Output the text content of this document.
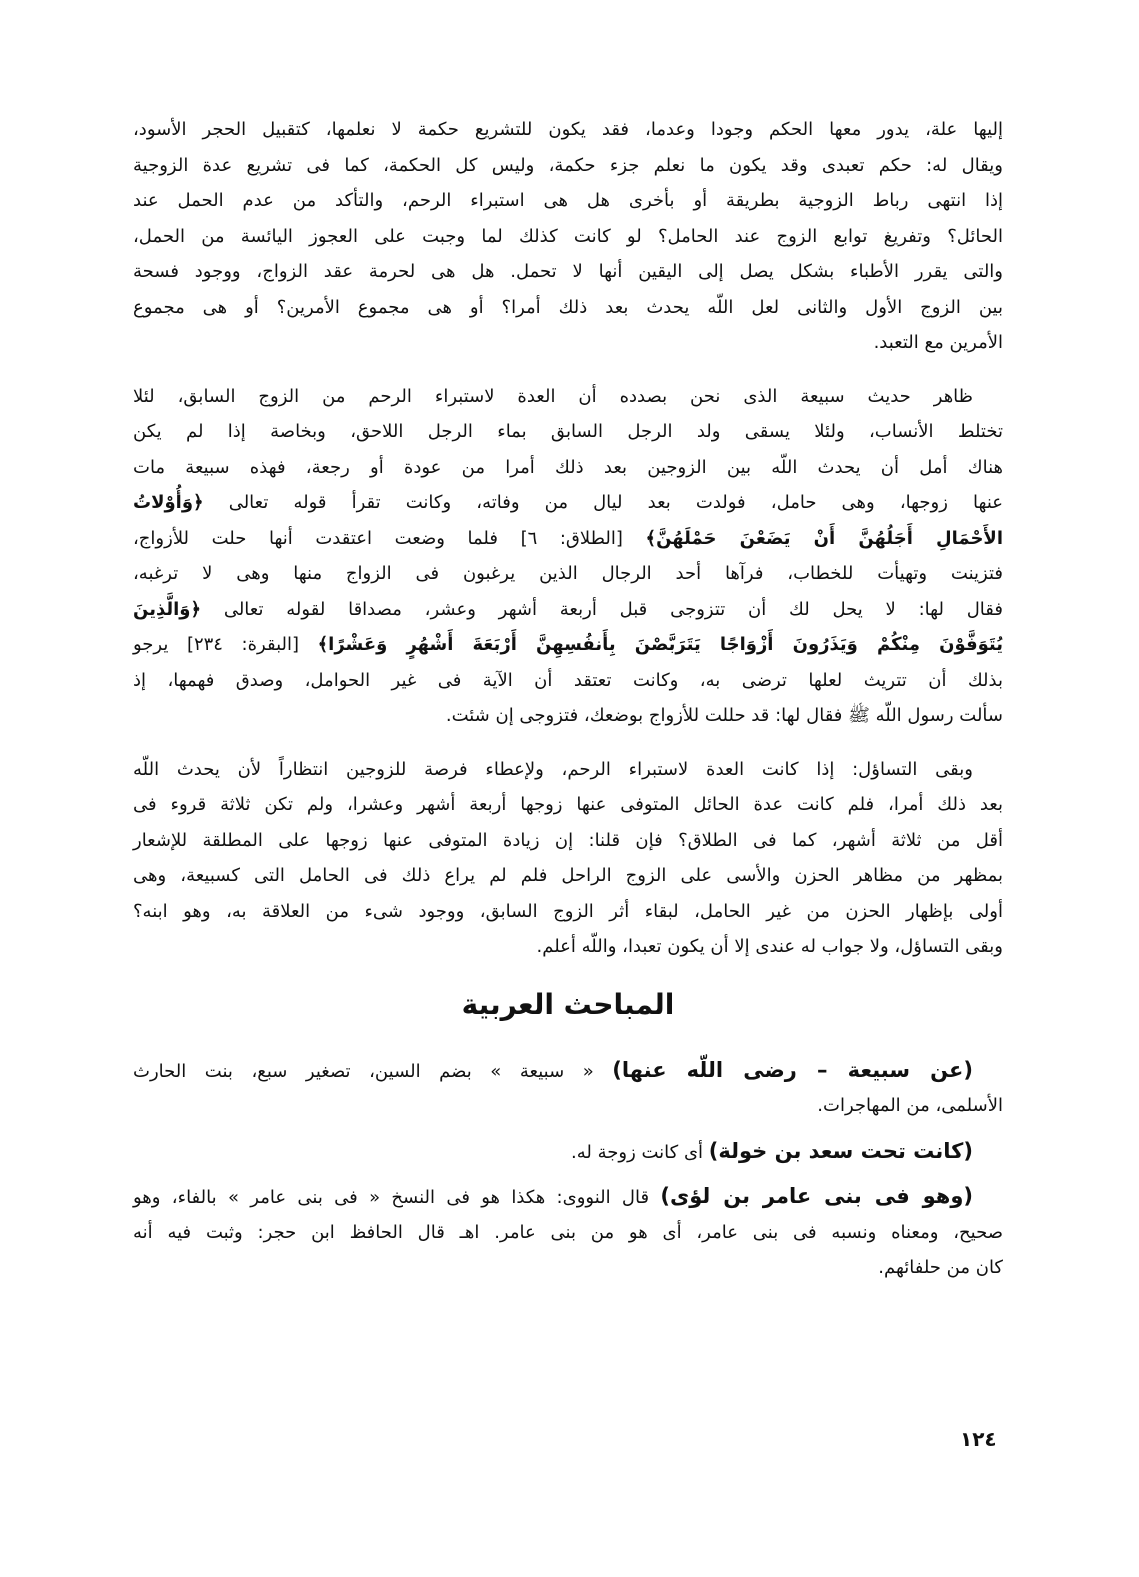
إليها علة، يدور معها الحكم وجودا وعدما، فقد يكون للتشريع حكمة لا نعلمها، كتقبيل الحجر الأسود،
ويقال له: حكم تعبدى وقد يكون ما نعلم جزء حكمة، وليس كل الحكمة، كما فى تشريع عدة الزوجية
إذا انتهى رباط الزوجية بطريقة أو بأخرى هل هى استبراء الرحم، والتأكد من عدم الحمل عند
الحائل؟ وتفريغ توابع الزوج عند الحامل؟ لو كانت كذلك لما وجبت على العجوز اليائسة من الحمل،
والتى يقرر الأطباء بشكل يصل إلى اليقين أنها لا تحمل. هل هى لحرمة عقد الزواج، ووجود فسحة
بين الزوج الأول والثانى لعل اللّه يحدث بعد ذلك أمرا؟ أو هى مجموع الأمرين؟ أو هى مجموع
الأمرين مع التعبد.
ظاهر حديث سبيعة الذى نحن بصدده أن العدة لاستبراء الرحم من الزوج السابق، لئلا
تختلط الأنساب، ولئلا يسقى ولد الرجل السابق بماء الرجل اللاحق، وبخاصة إذا لم يكن
هناك أمل أن يحدث اللّه بين الزوجين بعد ذلك أمرا من عودة أو رجعة، فهذه سبيعة مات
عنها زوجها، وهى حامل، فولدت بعد ليال من وفاته، وكانت تقرأ قوله تعالى ﴿وَأُوْلاتُ
الأَحْمَالِ أَجَلُهُنَّ أَنْ يَضَعْنَ حَمْلَهُنَّ﴾ [الطلاق: ٦] فلما وضعت اعتقدت أنها حلت للأزواج،
فتزينت وتهيأت للخطاب، فرآها أحد الرجال الذين يرغبون فى الزواج منها وهى لا ترغبه،
فقال لها: لا يحل لك أن تتزوجى قبل أربعة أشهر وعشر، مصداقا لقوله تعالى ﴿وَالَّذِينَ
يُتَوَفَّوْنَ مِنْكُمْ وَيَذَرُونَ أَزْوَاجًا يَتَرَبَّصْنَ بِأَنفُسِهِنَّ أَرْبَعَةَ أَشْهُرٍ وَعَشْرًا﴾ [البقرة: ٢٣٤] يرجو
بذلك أن تتريث لعلها ترضى به، وكانت تعتقد أن الآية فى غير الحوامل، وصدق فهمها، إذ
سألت رسول اللّه ﷺ فقال لها: قد حللت للأزواج بوضعك، فتزوجى إن شئت.
وبقى التساؤل: إذا كانت العدة لاستبراء الرحم، ولإعطاء فرصة للزوجين انتظاراً لأن يحدث اللّه
بعد ذلك أمرا، فلم كانت عدة الحائل المتوفى عنها زوجها أربعة أشهر وعشرا، ولم تكن ثلاثة قروء فى
أقل من ثلاثة أشهر، كما فى الطلاق؟ فإن قلنا: إن زيادة المتوفى عنها زوجها على المطلقة للإشعار
بمظهر من مظاهر الحزن والأسى على الزوج الراحل فلم لم يراع ذلك فى الحامل التى كسبيعة، وهى
أولى بإظهار الحزن من غير الحامل، لبقاء أثر الزوج السابق، ووجود شىء من العلاقة به، وهو ابنه؟
وبقى التساؤل، ولا جواب له عندى إلا أن يكون تعبدا، واللّه أعلم.
المباحث العربية
(عن سبيعة – رضى اللّه عنها) « سبيعة » بضم السين، تصغير سبع، بنت الحارث
الأسلمى، من المهاجرات.
(كانت تحت سعد بن خولة) أى كانت زوجة له.
(وهو فى بنى عامر بن لؤى) قال النووى: هكذا هو فى النسخ « فى بنى عامر » بالفاء، وهو
صحيح، ومعناه ونسبه فى بنى عامر، أى هو من بنى عامر. اهـ قال الحافظ ابن حجر: وثبت فيه أنه
كان من حلفائهم.
١٢٤
